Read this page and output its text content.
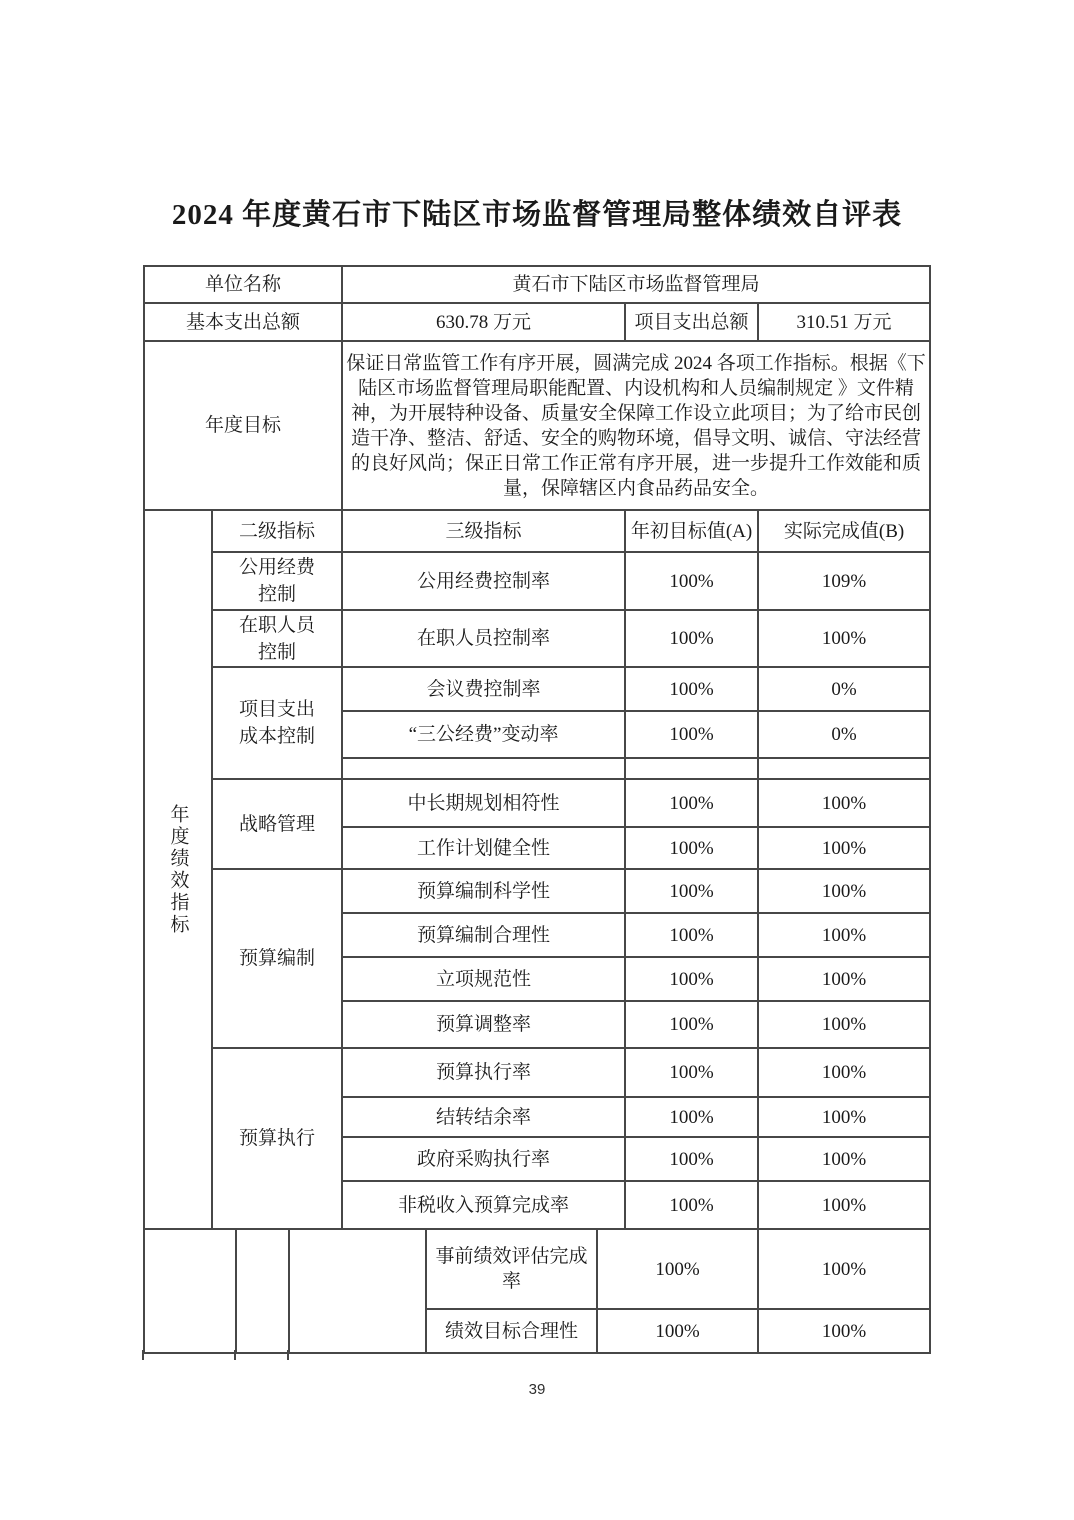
2024 年度黄石市下陆区市场监督管理局整体绩效自评表
单位名称				黄石市下陆区市场监督管理局				
基本支出总额				630.78 万元			项目支出总额	310.51 万元
年度目标				保证日常监管工作有序开展，圆满完成 2024 各项工作指标。根据《下陆区市场监督管理局职能配置、内设机构和人员编制规定 》文件精神，为开展特种设备、质量安全保障工作设立此项目；为了给市民创造干净、整洁、舒适、安全的购物环境，倡导文明、诚信、守法经营的良好风尚；保正日常工作正常有序开展，进一步提升工作效能和质量，保障辖区内食品药品安全。				

年度绩效指标	二级指标			三级指标			年初目标值(A)	实际完成值(B)

	公用经费控制			公用经费控制率			100%	109%

	在职人员控制			在职人员控制率			100%	100%

	项目支出成本控制			会议费控制率			100%	0%
				“三公经费”变动率			100%	0%

	战略管理			中长期规划相符性			100%	100%
				工作计划健全性			100%	100%

	预算编制			预算编制科学性			100%	100%
				预算编制合理性			100%	100%
				立项规范性			100%	100%
				预算调整率			100%	100%

	预算执行			预算执行率			100%	100%
				结转结余率			100%	100%
				政府采购执行率			100%	100%
				非税收入预算完成率			100%	100%
					事前绩效评估完成率	100%		100%
					绩效目标合理性	100%		100%
39
